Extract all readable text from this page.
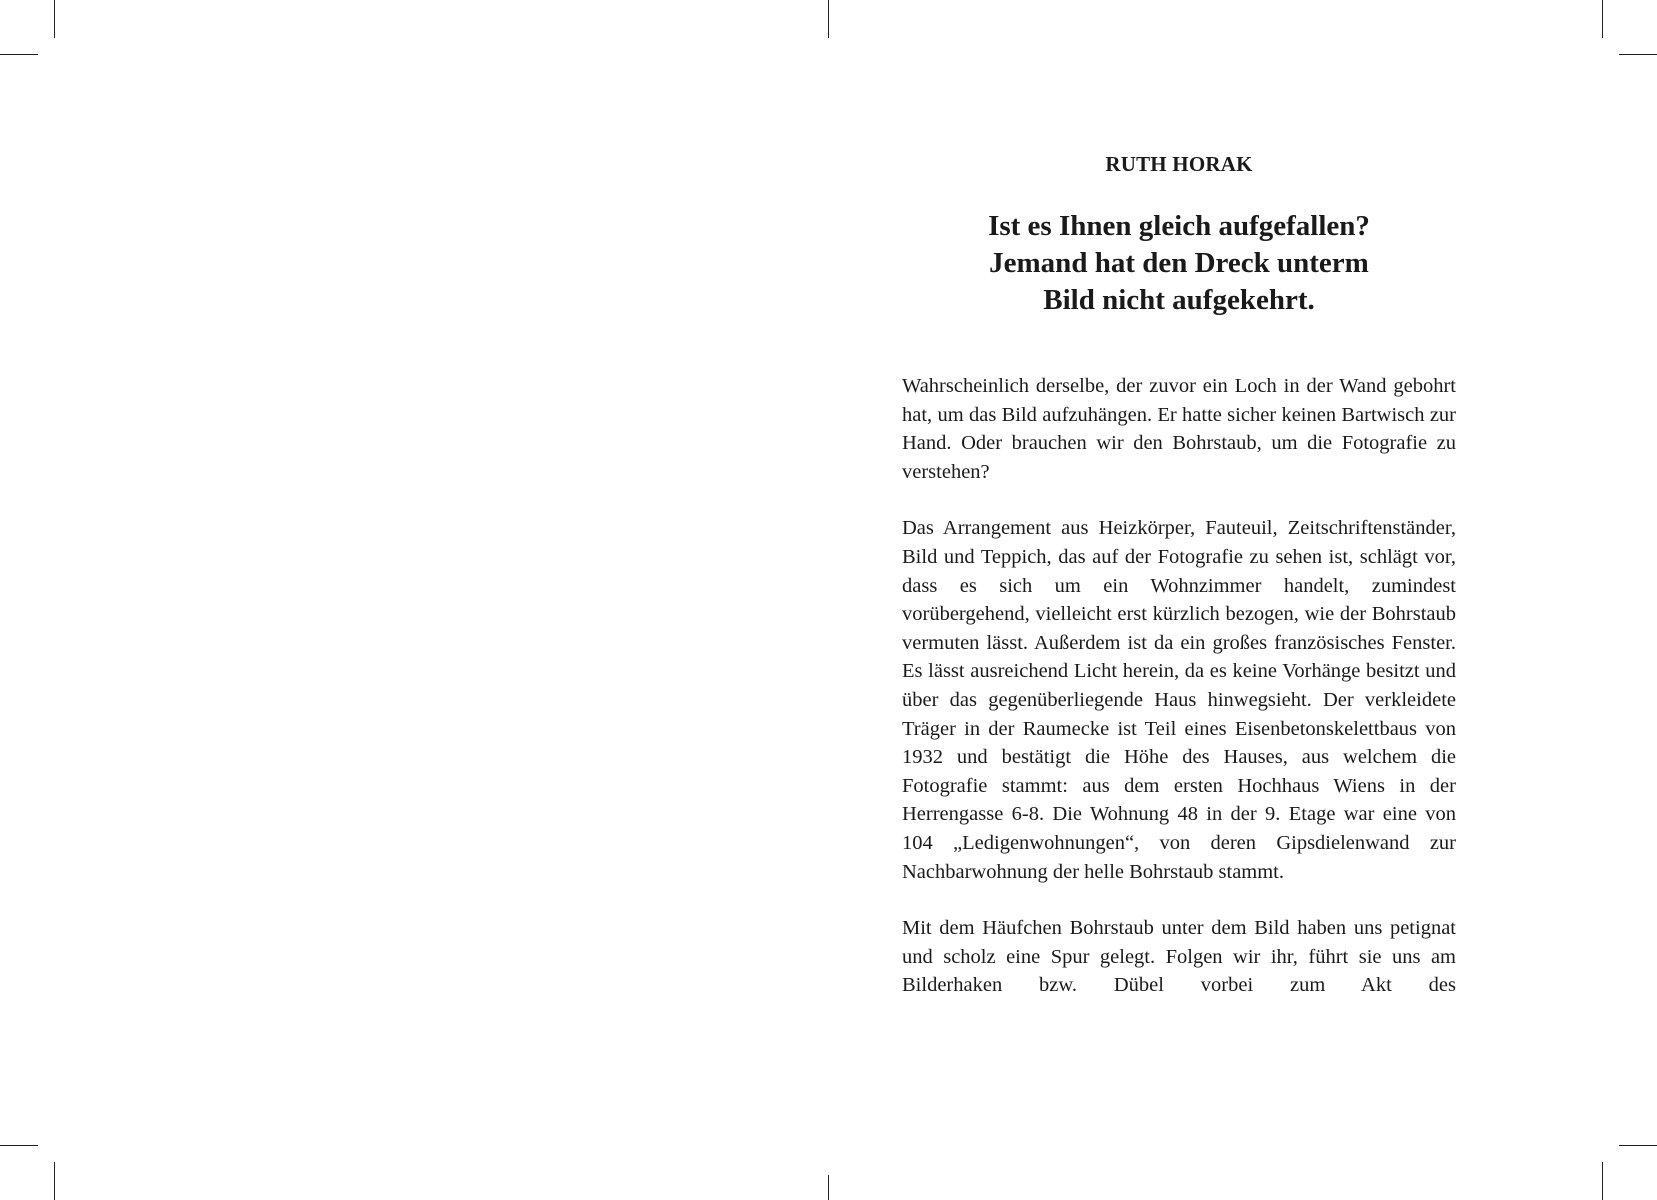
RUTH HORAK
Ist es Ihnen gleich aufgefallen?
Jemand hat den Dreck unterm
Bild nicht aufgekehrt.

Wahrscheinlich derselbe, der zuvor ein Loch in der Wand gebohrt hat, um das Bild aufzuhängen. Er hatte sicher keinen Bartwisch zur Hand. Oder brauchen wir den Bohrstaub, um die Fotografie zu verstehen?

Das Arrangement aus Heizkörper, Fauteuil, Zeitschriftenständer, Bild und Teppich, das auf der Fotografie zu sehen ist, schlägt vor, dass es sich um ein Wohnzimmer handelt, zumindest vorübergehend, vielleicht erst kürzlich bezogen, wie der Bohrstaub vermuten lässt. Außerdem ist da ein großes französisches Fenster. Es lässt ausreichend Licht herein, da es keine Vorhänge besitzt und über das gegenüberliegende Haus hinwegsieht. Der verkleidete Träger in der Raumecke ist Teil eines Eisenbetonskelettbaus von 1932 und bestätigt die Höhe des Hauses, aus welchem die Fotografie stammt: aus dem ersten Hochhaus Wiens in der Herrengasse 6-8. Die Wohnung 48 in der 9. Etage war eine von 104 „Ledigenwohnungen“, von deren Gipsdielenwand zur Nachbarwohnung der helle Bohrstaub stammt.

Mit dem Häufchen Bohrstaub unter dem Bild haben uns petignat und scholz eine Spur gelegt. Folgen wir ihr, führt sie uns am Bilderhaken bzw. Dübel vorbei zum Akt des
